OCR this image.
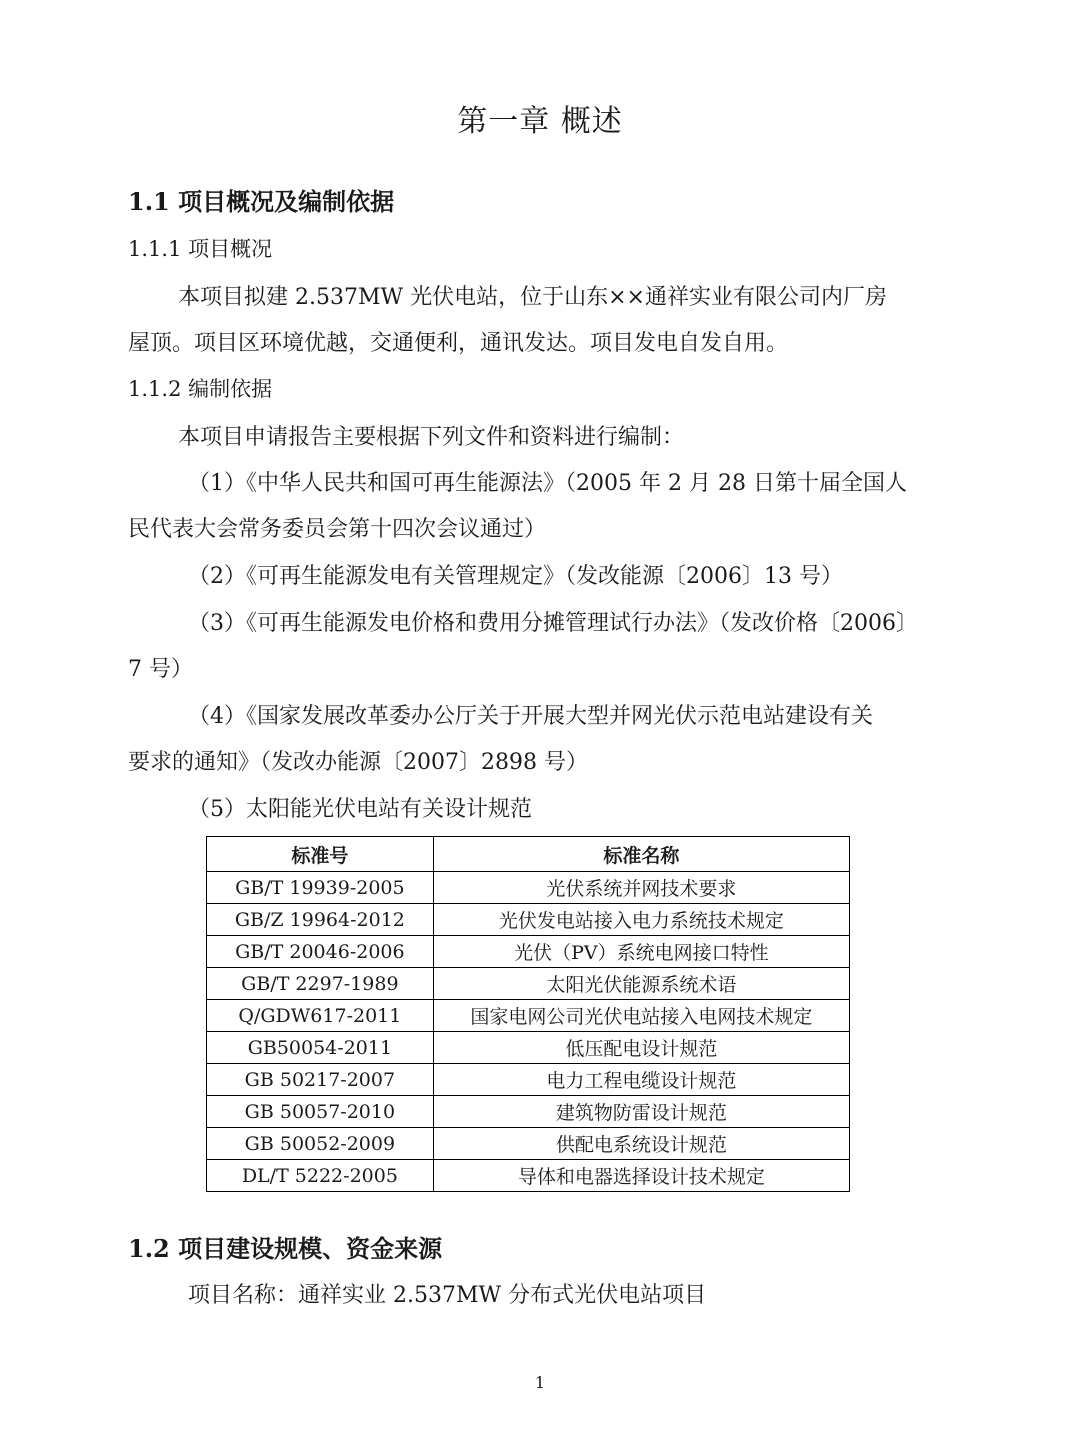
第一章 概述
1.1 项目概况及编制依据
1.1.1 项目概况
本项目拟建 2.537MW 光伏电站，位于山东××通祥实业有限公司内厂房
屋顶。项目区环境优越，交通便利，通讯发达。项目发电自发自用。
1.1.2 编制依据
本项目申请报告主要根据下列文件和资料进行编制：
（1）《中华人民共和国可再生能源法》（2005 年 2 月 28 日第十届全国人
民代表大会常务委员会第十四次会议通过）
（2）《可再生能源发电有关管理规定》（发改能源〔2006〕13 号）
（3）《可再生能源发电价格和费用分摊管理试行办法》（发改价格〔2006〕
7 号）
（4）《国家发展改革委办公厅关于开展大型并网光伏示范电站建设有关
要求的通知》（发改办能源〔2007〕2898 号）
（5）太阳能光伏电站有关设计规范
标准号	标准名称
GB/T 19939-2005	光伏系统并网技术要求
GB/Z 19964-2012	光伏发电站接入电力系统技术规定
GB/T 20046-2006	光伏（PV）系统电网接口特性
GB/T 2297-1989	太阳光伏能源系统术语
Q/GDW617-2011	国家电网公司光伏电站接入电网技术规定
GB50054-2011	低压配电设计规范
GB 50217-2007	电力工程电缆设计规范
GB 50057-2010	建筑物防雷设计规范
GB 50052-2009	供配电系统设计规范
DL/T 5222-2005	导体和电器选择设计技术规定
1.2 项目建设规模、资金来源
项目名称：通祥实业 2.537MW 分布式光伏电站项目
1
